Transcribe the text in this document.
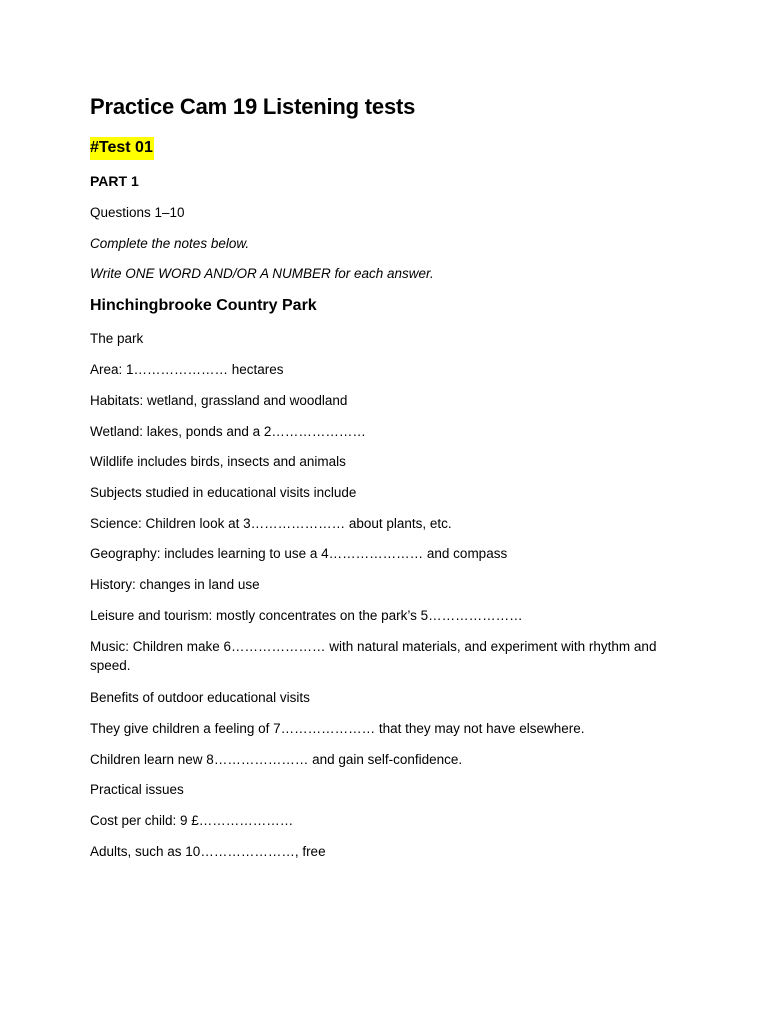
Practice Cam 19 Listening tests
#Test 01
PART 1
Questions 1–10
Complete the notes below.
Write ONE WORD AND/OR A NUMBER for each answer.
Hinchingbrooke Country Park
The park
Area: 1………………… hectares
Habitats: wetland, grassland and woodland
Wetland: lakes, ponds and a 2…………………
Wildlife includes birds, insects and animals
Subjects studied in educational visits include
Science: Children look at 3………………… about plants, etc.
Geography: includes learning to use a 4………………… and compass
History: changes in land use
Leisure and tourism: mostly concentrates on the park’s 5…………………
Music: Children make 6………………… with natural materials, and experiment with rhythm and speed.
Benefits of outdoor educational visits
They give children a feeling of 7………………… that they may not have elsewhere.
Children learn new 8………………… and gain self-confidence.
Practical issues
Cost per child: 9 £…………………
Adults, such as 10…………………, free
